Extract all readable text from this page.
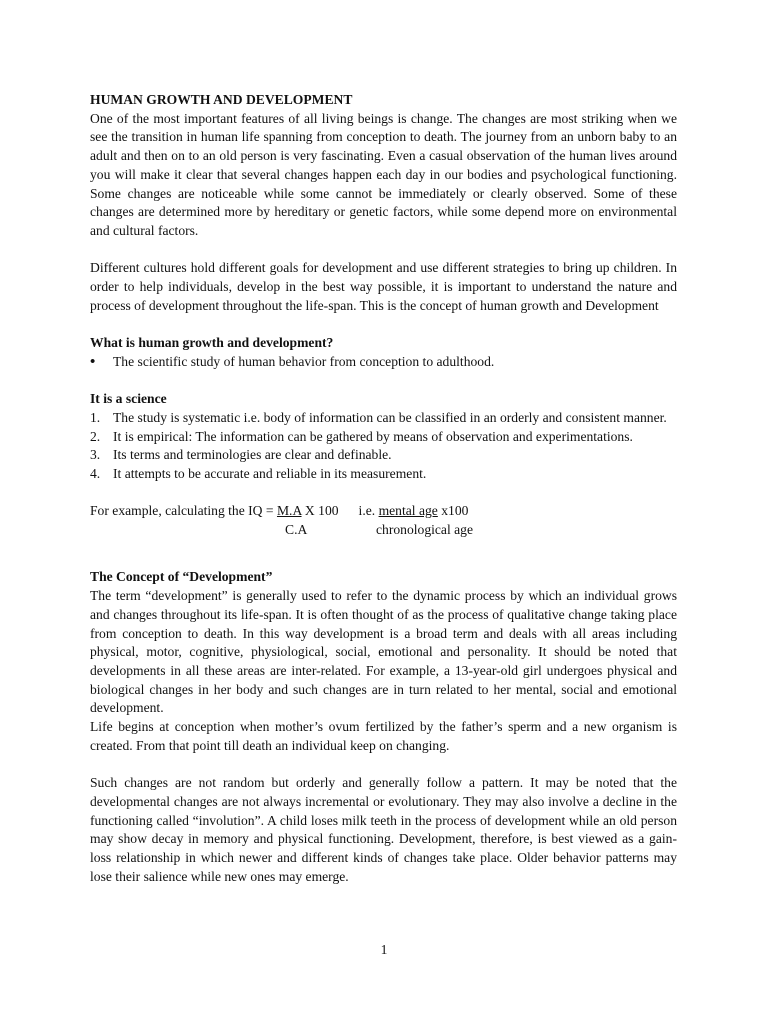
HUMAN GROWTH AND DEVELOPMENT

One of the most important features of all living beings is change. The changes are most striking when we see the transition in human life spanning from conception to death. The journey from an unborn baby to an adult and then on to an old person is very fascinating. Even a casual observation of the human lives around you will make it clear that several changes happen each day in our bodies and psychological functioning. Some changes are noticeable while some cannot be immediately or clearly observed. Some of these changes are determined more by hereditary or genetic factors, while some depend more on environmental and cultural factors.

Different cultures hold different goals for development and use different strategies to bring up children. In order to help individuals, develop in the best way possible, it is important to understand the nature and process of development throughout the life-span. This is the concept of human growth and Development

What is human growth and development?
• The scientific study of human behavior from conception to adulthood.
It is a science
1. The study is systematic i.e. body of information can be classified in an orderly and consistent manner.
2. It is empirical: The information can be gathered by means of observation and experimentations.
3. Its terms and terminologies are clear and definable.
4. It attempts to be accurate and reliable in its measurement.
For example, calculating the IQ = M.A X 100 i.e. mental age x100
C.A	chronological age
The Concept of “Development”

The term “development” is generally used to refer to the dynamic process by which an individual grows and changes throughout its life-span. It is often thought of as the process of qualitative change taking place from conception to death. In this way development is a broad term and deals with all areas including physical, motor, cognitive, physiological, social, emotional and personality. It should be noted that developments in all these areas are inter-related. For example, a 13-year-old girl undergoes physical and biological changes in her body and such changes are in turn related to her mental, social and emotional development.

Life begins at conception when mother’s ovum fertilized by the father’s sperm and a new organism is created. From that point till death an individual keep on changing.

Such changes are not random but orderly and generally follow a pattern. It may be noted that the developmental changes are not always incremental or evolutionary. They may also involve a decline in the functioning called “involution”. A child loses milk teeth in the process of development while an old person may show decay in memory and physical functioning. Development, therefore, is best viewed as a gain-loss relationship in which newer and different kinds of changes take place. Older behavior patterns may lose their salience while new ones may emerge.

1
